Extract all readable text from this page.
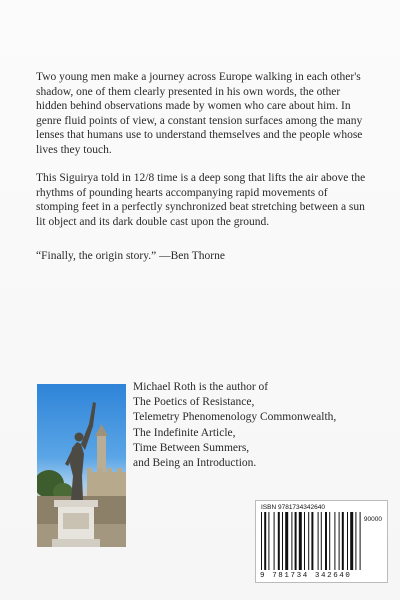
Two young men make a journey across Europe walking in each other's shadow, one of them clearly presented in his own words, the other hidden behind observations made by women who care about him. In genre fluid points of view, a constant tension surfaces among the many lenses that humans use to understand themselves and the people whose lives they touch.

This Siguirya told in 12/8 time is a deep song that lifts the air above the rhythms of pounding hearts accompanying rapid movements of stomping feet in a perfectly synchronized beat stretching between a sun lit object and its dark double cast upon the ground.

“Finally, the origin story.” —Ben Thorne

Michael Roth is the author of
The Poetics of Resistance,
Telemetry Phenomenology Commonwealth,
The Indefinite Article,
Time Between Summers,
and Being an Introduction.
ISBN 9781734342640
90000
9 781734 342640
